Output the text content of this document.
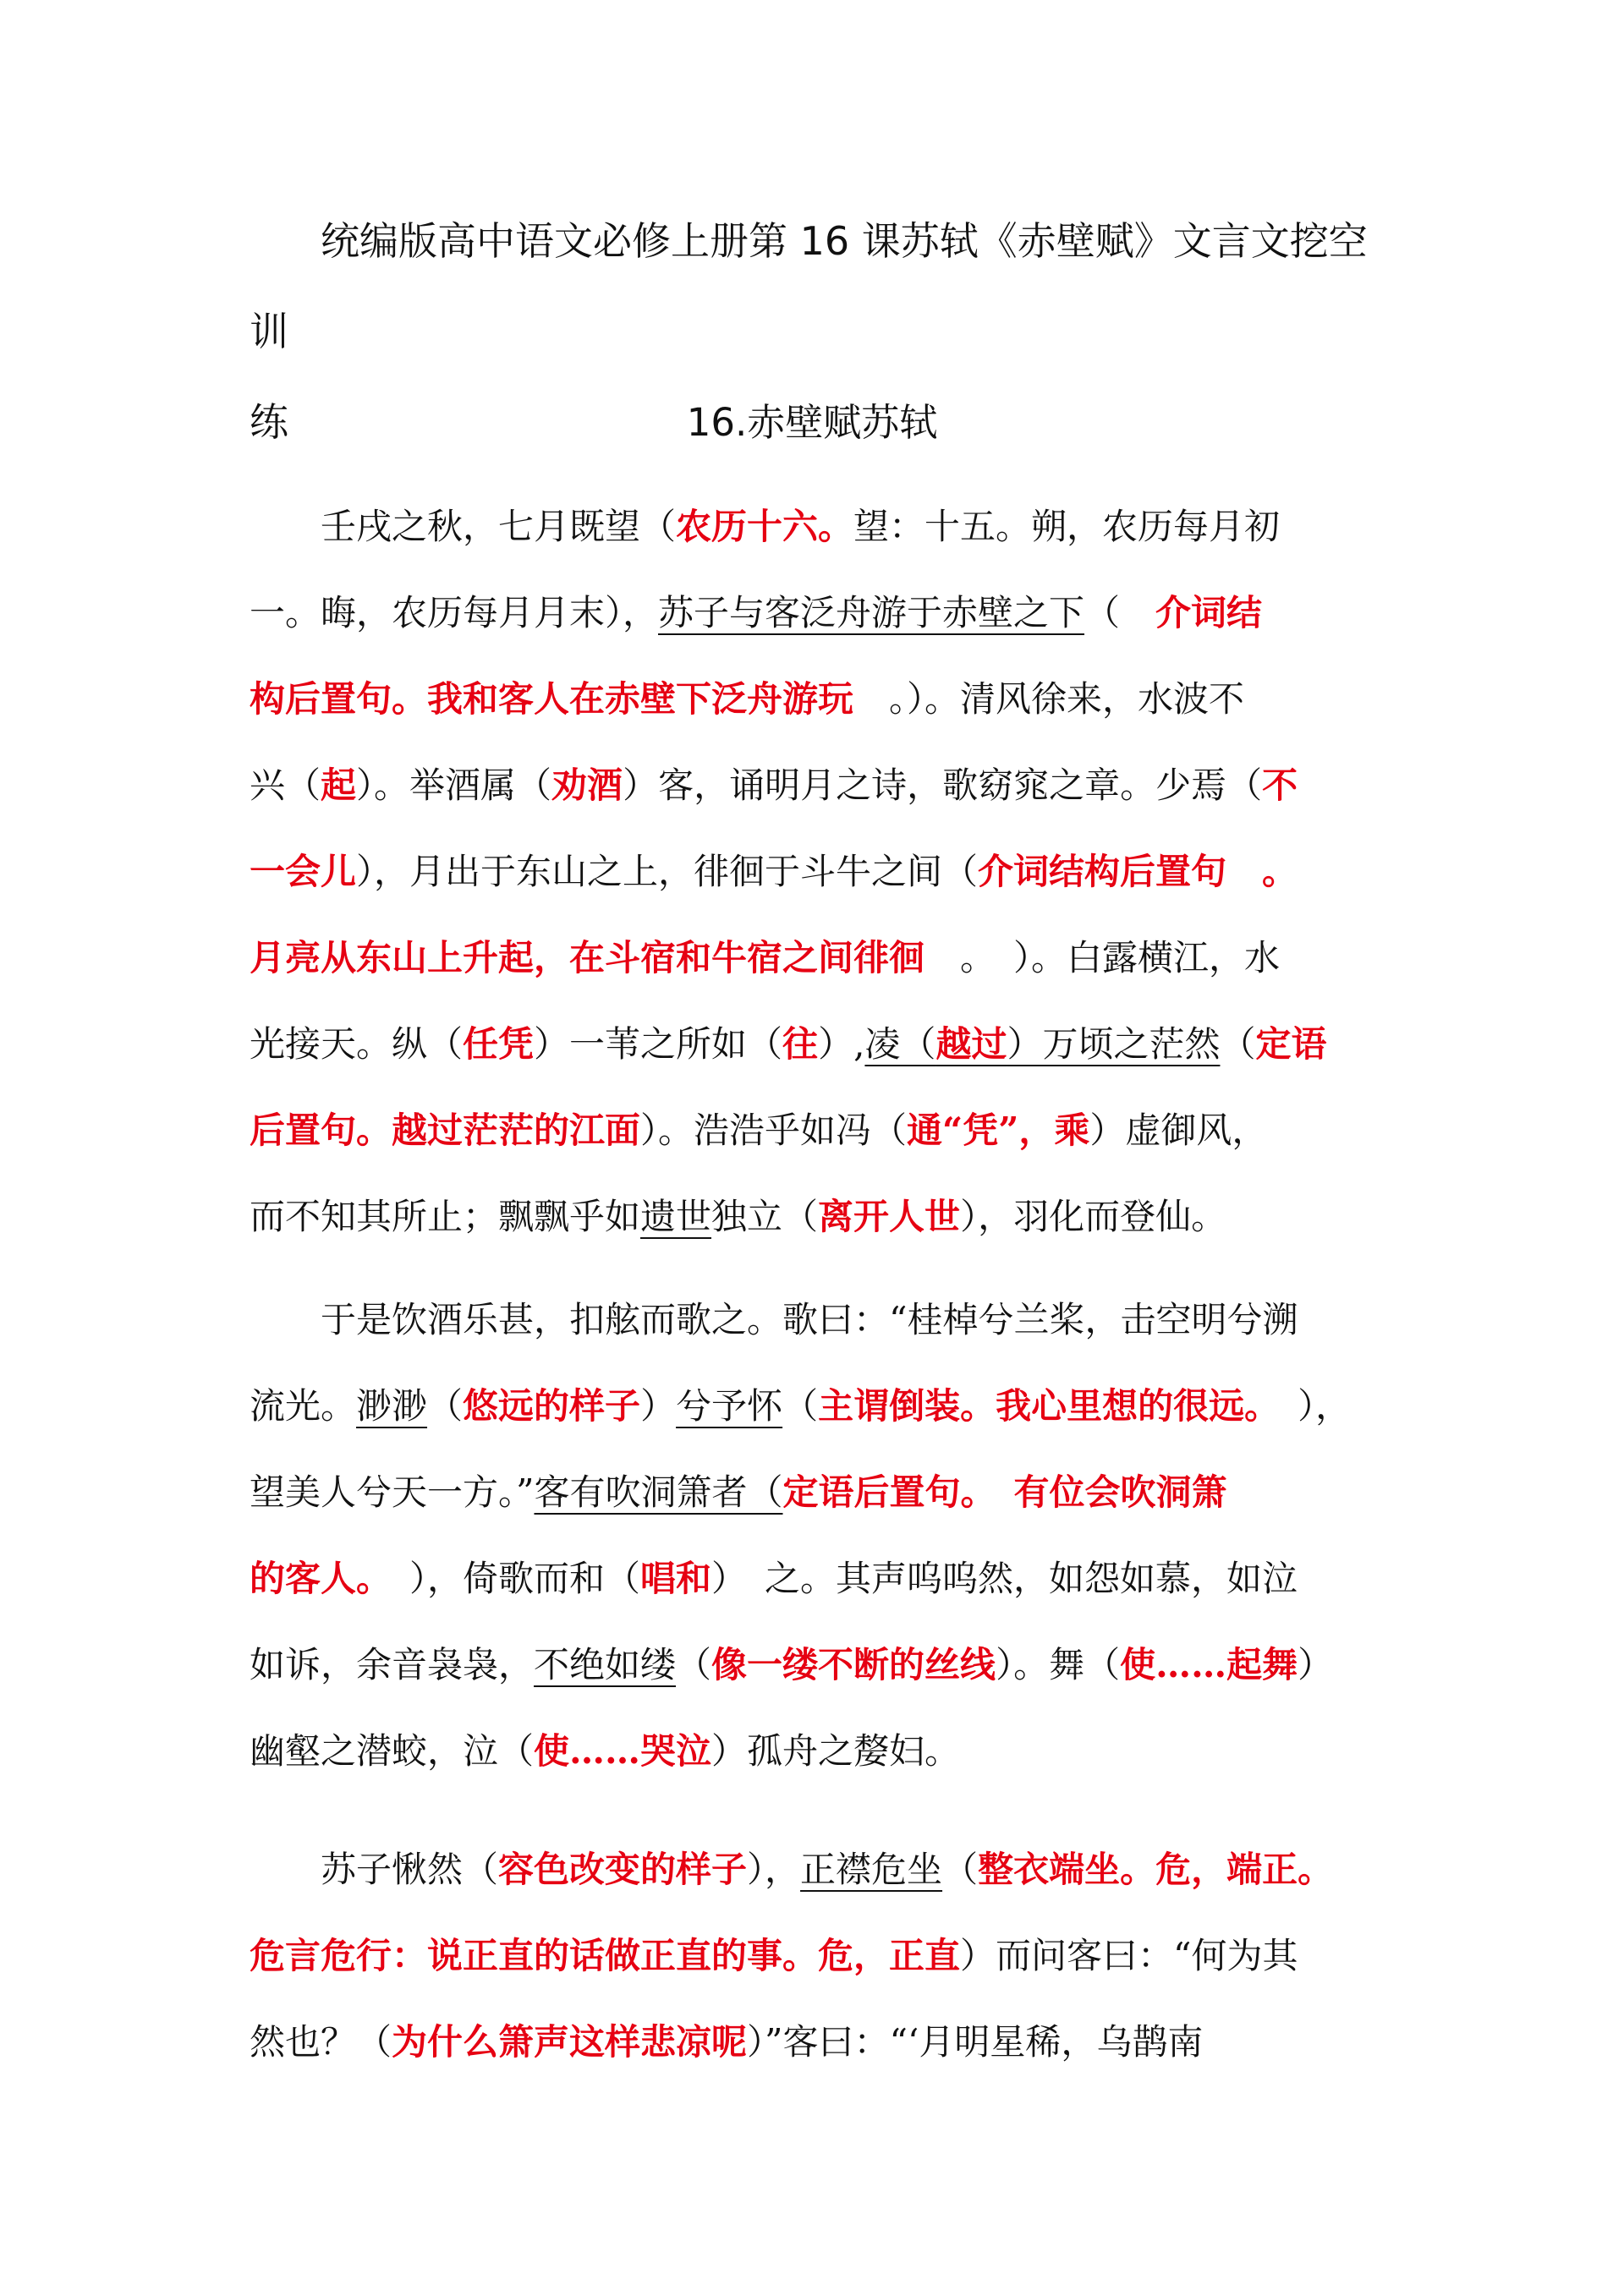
统编版高中语文必修上册第 16 课苏轼《赤壁赋》文言文挖空训
练	16.赤壁赋苏轼
壬戌之秋，七月既望（农历十六。望：十五。朔，农历每月初
一。晦，农历每月月末），苏子与客泛舟游于赤壁之下（　介词结
构后置句。我和客人在赤壁下泛舟游玩　。）。清风徐来，水波不
兴（起）。举酒属（劝酒）客，诵明月之诗，歌窈窕之章。少焉（不
一会儿），月出于东山之上，徘徊于斗牛之间（介词结构后置句　。
月亮从东山上升起，在斗宿和牛宿之间徘徊　。　）。白露横江，水
光接天。纵（任凭）一苇之所如（往）,凌（越过）万顷之茫然（定语
后置句。越过茫茫的江面）。浩浩乎如冯（通“凭”，乘）虚御风，
而不知其所止；飘飘乎如遗世独立（离开人世），羽化而登仙。
于是饮酒乐甚，扣舷而歌之。歌曰：“桂棹兮兰桨，击空明兮溯
流光。渺渺（悠远的样子）兮予怀（主谓倒装。我心里想的很远。　），
望美人兮天一方。”客有吹洞箫者（定语后置句。　有位会吹洞箫
的客人。　），倚歌而和（唱和）　之。其声呜呜然，如怨如慕，如泣
如诉，余音袅袅，不绝如缕（像一缕不断的丝线）。舞（使……起舞）
幽壑之潜蛟，泣（使……哭泣）孤舟之嫠妇。
苏子愀然（容色改变的样子），正襟危坐（整衣端坐。危，端正。
危言危行：说正直的话做正直的事。危，正直）而问客曰：“何为其
然也？（为什么箫声这样悲凉呢）”客曰：“‘月明星稀，乌鹊南
